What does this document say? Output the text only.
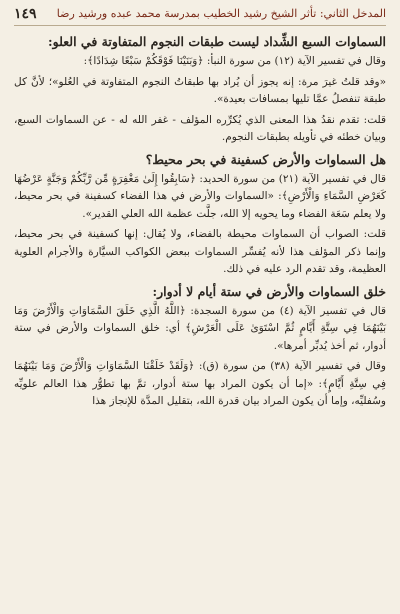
المدخل الثاني: تأثر الشيخ رشيد الخطيب بمدرسة محمد عبده ورشيد رضا
١٤٩
السماوات السبع الشِّداد ليست طبقات النجوم المتفاوتة في العلو:

وقال في تفسير الآية (١٢) من سورة النبأ: ﴿وَبَنَيْنَا فَوْقَكُمْ سَبْعًا شِدَادًا﴾:

«وقد قلتُ غيرَ مرة: إنه يجوز أن يُراد بها طبقاتُ النجوم المتفاوتة في العُلو»؛ لأنَّ كل طبقة تنفصلُ عمَّا تليها بمسافات بعيدة».

قلت: تقدم نقدُ هذا المعنى الذي يُكرِّره المؤلف - غفر الله له - عن السماوات السبع، وبيان خطئه في تأويله بطبقات النجوم.

هل السماوات والأرض كسفينة في بحر محيط؟

قال في تفسير الآية (٢١) من سورة الحديد: ﴿سَابِقُوا إِلَىٰ مَغْفِرَةٍ مِّن رَّبِّكُمْ وَجَنَّةٍ عَرْضُهَا كَعَرْضِ السَّمَاءِ وَالْأَرْضِ﴾: «السماوات والأرض في هذا الفضاء كسفينة في بحر محيط، ولا يعلم سَعَة الفضاء وما يحويه إلا الله، جلَّت عظمة الله العلي القدير».

قلت: الصواب أن السماوات محيطة بالفضاء، ولا يُقال: إنها كسفينة في بحر محيط، وإنما ذكر المؤلف هذا لأنه يُفسِّر السماوات ببعض الكواكب السيَّارة والأجرام العلوية العظيمة، وقد تقدم الرد عليه في ذلك.

خلق السماوات والأرض في ستة أيام لا أدوار:

قال في تفسير الآية (٤) من سورة السجدة: ﴿اللَّهُ الَّذِي خَلَقَ السَّمَاوَاتِ وَالْأَرْضَ وَمَا بَيْنَهُمَا فِي سِتَّةِ أَيَّامٍ ثُمَّ اسْتَوَىٰ عَلَى الْعَرْشِ﴾ أي: خلق السماوات والأرض في ستة أدوار، ثم أخذ يُدبِّر أمرها».

وقال في تفسير الآية (٣٨) من سورة (ق): ﴿وَلَقَدْ خَلَقْنَا السَّمَاوَاتِ وَالْأَرْضَ وَمَا بَيْنَهُمَا فِي سِتَّةِ أَيَّامٍ﴾: «إما أن يكون المراد بها ستة أدوار، تمَّ بها تطوُّر هذا العالم علويِّه وسُفليِّه، وإما أن يكون المراد بيان قدرة الله، بتقليل المدَّة للإنجاز هذا
